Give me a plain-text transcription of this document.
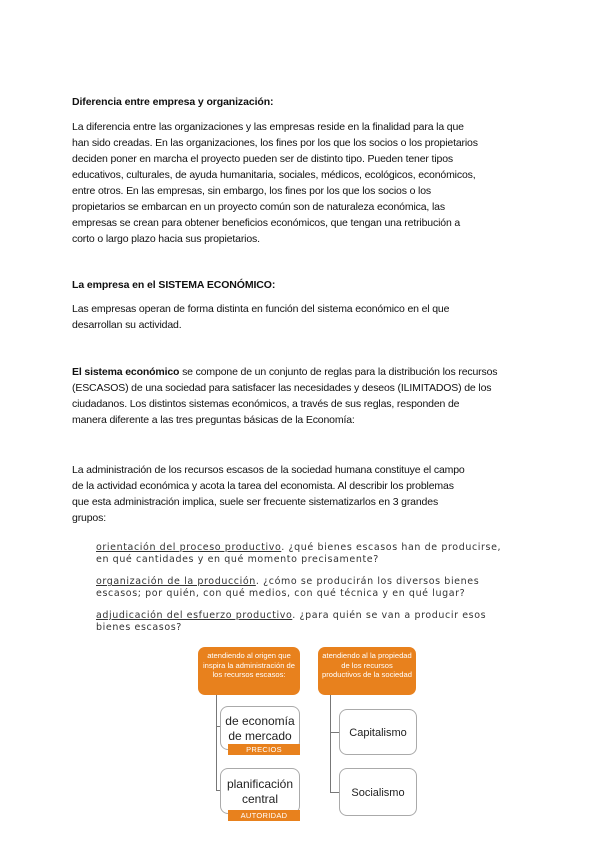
Diferencia entre empresa y organización:
La diferencia entre las organizaciones y las empresas reside en la finalidad para la que
han sido creadas. En las organizaciones, los fines por los que los socios o los propietarios
deciden poner en marcha el proyecto pueden ser de distinto tipo. Pueden tener tipos
educativos, culturales, de ayuda humanitaria, sociales, médicos, ecológicos, económicos,
entre otros. En las empresas, sin embargo, los fines por los que los socios o los
propietarios se embarcan en un proyecto común son de naturaleza económica, las
empresas se crean para obtener beneficios económicos, que tengan una retribución a
corto o largo plazo hacia sus propietarios.
La empresa en el SISTEMA ECONÓMICO:
Las empresas operan de forma distinta en función del sistema económico en el que
desarrollan su actividad.
El sistema económico se compone de un conjunto de reglas para la distribución los recursos
(ESCASOS) de una sociedad para satisfacer las necesidades y deseos (ILIMITADOS) de los
ciudadanos. Los distintos sistemas económicos, a través de sus reglas, responden de
manera diferente a las tres preguntas básicas de la Economía:
La administración de los recursos escasos de la sociedad humana constituye el campo
de la actividad económica y acota la tarea del economista. Al describir los problemas
que esta administración implica, suele ser frecuente sistematizarlos en 3 grandes
grupos:
orientación del proceso productivo. ¿qué bienes escasos han de producirse,
en qué cantidades y en qué momento precisamente?
organización de la producción. ¿cómo se producirán los diversos bienes
escasos; por quién, con qué medios, con qué técnica y en qué lugar?
adjudicación del esfuerzo productivo. ¿para quién se van a producir esos
bienes escasos?
atendiendo al origen que inspira la administración de los recursos escasos:
atendiendo al la propiedad de los recursos productivos de la sociedad
de economía de mercado
PRECIOS
planificación central
AUTORIDAD
Capitalismo
Socialismo
